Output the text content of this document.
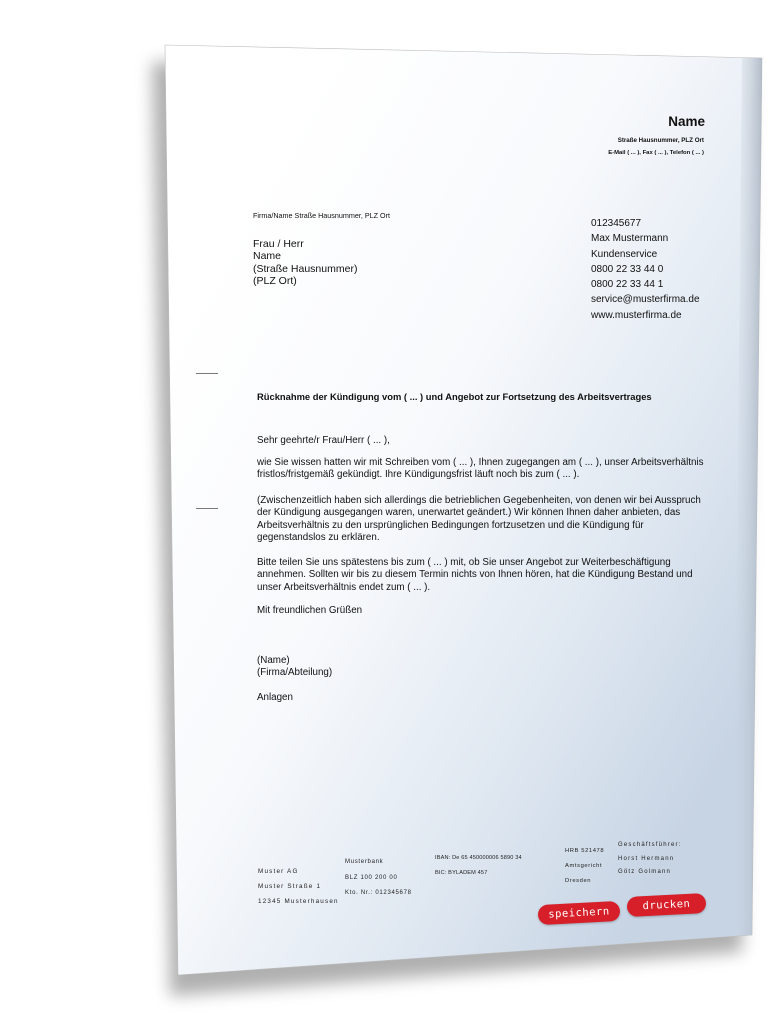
Name
Straße Hausnummer, PLZ Ort
E-Mail ( ... ), Fax ( ... ), Telefon ( ... )
Firma/Name Straße Hausnummer, PLZ Ort
Frau / Herr
Name
(Straße Hausnummer)
(PLZ Ort)
012345677
Max Mustermann
Kundenservice
0800 22 33 44 0
0800 22 33 44 1
service@musterfirma.de
www.musterfirma.de
Rücknahme der Kündigung vom ( ... ) und Angebot zur Fortsetzung des Arbeitsvertrages
Sehr geehrte/r Frau/Herr ( ... ),
wie Sie wissen hatten wir mit Schreiben vom ( ... ), Ihnen zugegangen am ( ... ), unser Arbeitsverhältnis
fristlos/fristgemäß gekündigt. Ihre Kündigungsfrist läuft noch bis zum ( ... ).
(Zwischenzeitlich haben sich allerdings die betrieblichen Gegebenheiten, von denen wir bei Ausspruch
der Kündigung ausgegangen waren, unerwartet geändert.) Wir können Ihnen daher anbieten, das
Arbeitsverhältnis zu den ursprünglichen Bedingungen fortzusetzen und die Kündigung für
gegenstandslos zu erklären.
Bitte teilen Sie uns spätestens bis zum ( ... ) mit, ob Sie unser Angebot zur Weiterbeschäftigung
annehmen. Sollten wir bis zu diesem Termin nichts von Ihnen hören, hat die Kündigung Bestand und
unser Arbeitsverhältnis endet zum ( ... ).
Mit freundlichen Grüßen
(Name)
(Firma/Abteilung)
Anlagen
Muster AG
Muster Straße 1
12345 Musterhausen
Musterbank
BLZ 100 200 00
Kto. Nr.: 012345678
IBAN: De 65 450000006 5890 34
BIC: BYLADEM 457
HRB 521478
Amtsgericht
Dresden
Geschäftsführer:
Horst Hermann
Götz Golmann
speichern
drucken
